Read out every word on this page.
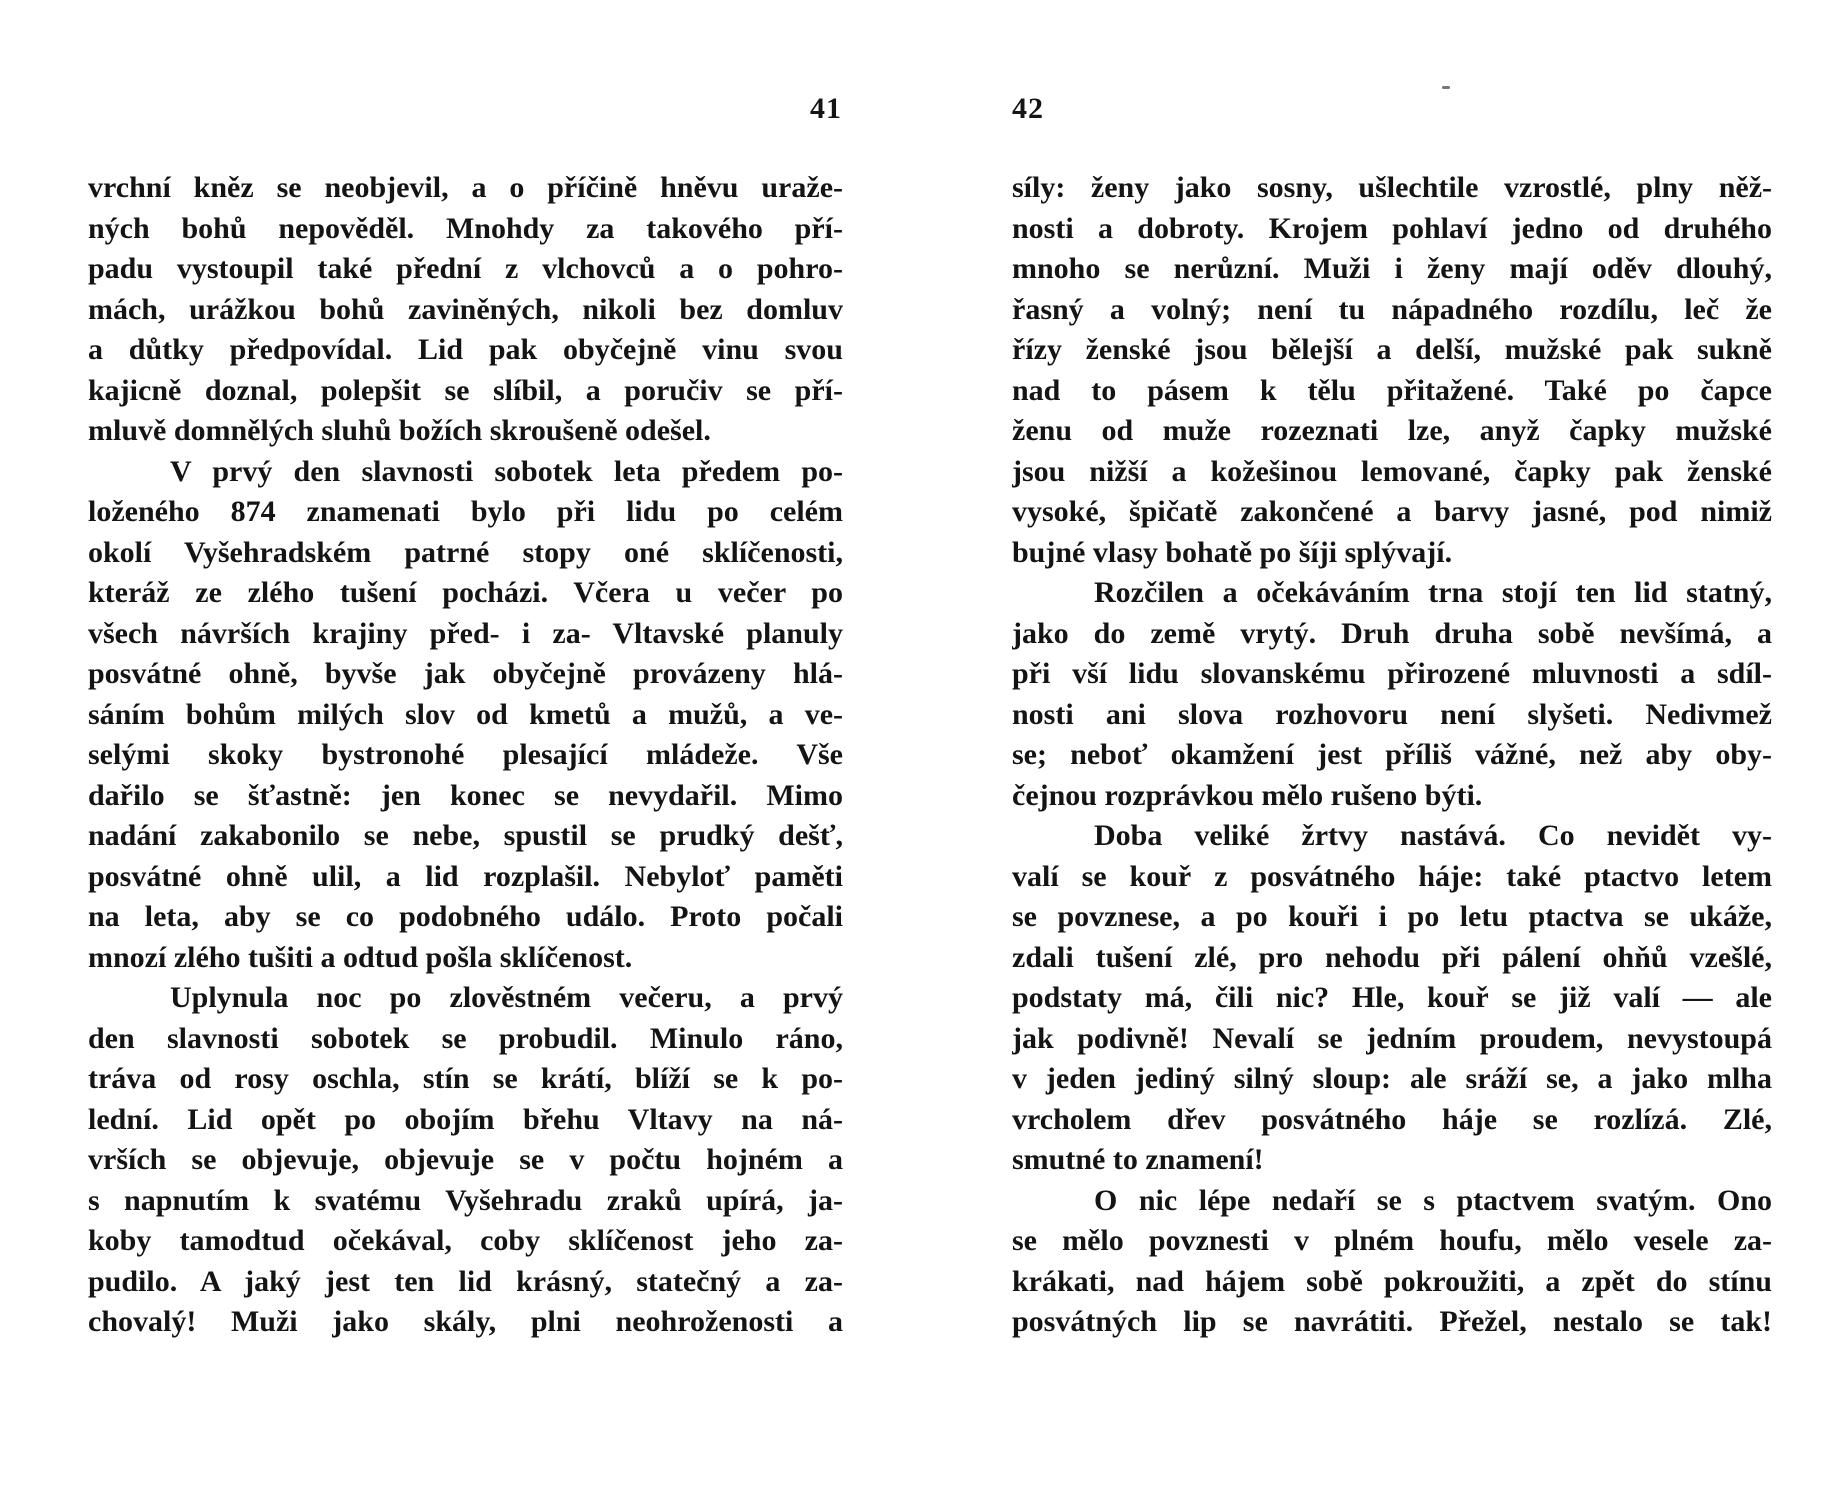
41
vrchní kněz se neobjevil, a o příčině hněvu uraže-
ných bohů nepověděl. Mnohdy za takového pří-
padu vystoupil také přední z vlchovců a o pohro-
mách, urážkou bohů zaviněných, nikoli bez domluv
a důtky předpovídal. Lid pak obyčejně vinu svou
kajicně doznal, polepšit se slíbil, a poručiv se pří-
mluvě domnělých sluhů božích skroušeně odešel.
V prvý den slavnosti sobotek leta předem po-
loženého 874 znamenati bylo při lidu po celém
okolí Vyšehradském patrné stopy oné sklíčenosti,
kteráž ze zlého tušení pocházi. Včera u večer po
všech návrších krajiny před- i za- Vltavské planuly
posvátné ohně, byvše jak obyčejně provázeny hlá-
sáním bohům milých slov od kmetů a mužů, a ve-
selými skoky bystronohé plesající mládeže. Vše
dařilo se šťastně: jen konec se nevydařil. Mimo
nadání zakabonilo se nebe, spustil se prudký dešť,
posvátné ohně ulil, a lid rozplašil. Nebyloť paměti
na leta, aby se co podobného událo. Proto počali
mnozí zlého tušiti a odtud pošla sklíčenost.
Uplynula noc po zlověstném večeru, a prvý
den slavnosti sobotek se probudil. Minulo ráno,
tráva od rosy oschla, stín se krátí, blíží se k po-
lední. Lid opět po obojím břehu Vltavy na ná-
vrších se objevuje, objevuje se v počtu hojném a
s napnutím k svatému Vyšehradu zraků upírá, ja-
koby tamodtud očekával, coby sklíčenost jeho za-
pudilo. A jaký jest ten lid krásný, statečný a za-
chovalý! Muži jako skály, plni neohroženosti a
42
síly: ženy jako sosny, ušlechtile vzrostlé, plny něž-
nosti a dobroty. Krojem pohlaví jedno od druhého
mnoho se nerůzní. Muži i ženy mají oděv dlouhý,
řasný a volný; není tu nápadného rozdílu, leč že
řízy ženské jsou bělejší a delší, mužské pak sukně
nad to pásem k tělu přitažené. Také po čapce
ženu od muže rozeznati lze, anyž čapky mužské
jsou nižší a kožešinou lemované, čapky pak ženské
vysoké, špičatě zakončené a barvy jasné, pod nimiž
bujné vlasy bohatě po šíji splývají.
Rozčilen a očekáváním trna stojí ten lid statný,
jako do země vrytý. Druh druha sobě nevšímá, a
při vší lidu slovanskému přirozené mluvnosti a sdíl-
nosti ani slova rozhovoru není slyšeti. Nedivmež
se; neboť okamžení jest příliš vážné, než aby oby-
čejnou rozprávkou mělo rušeno býti.
Doba veliké žrtvy nastává. Co nevidět vy-
valí se kouř z posvátného háje: také ptactvo letem
se povznese, a po kouři i po letu ptactva se ukáže,
zdali tušení zlé, pro nehodu při pálení ohňů vzešlé,
podstaty má, čili nic? Hle, kouř se již valí — ale
jak podivně! Nevalí se jedním proudem, nevystoupá
v jeden jediný silný sloup: ale sráží se, a jako mlha
vrcholem dřev posvátného háje se rozlízá. Zlé,
smutné to znamení!
O nic lépe nedaří se s ptactvem svatým. Ono
se mělo povznesti v plném houfu, mělo vesele za-
krákati, nad hájem sobě pokroužiti, a zpět do stínu
posvátných lip se navrátiti. Přežel, nestalo se tak!
